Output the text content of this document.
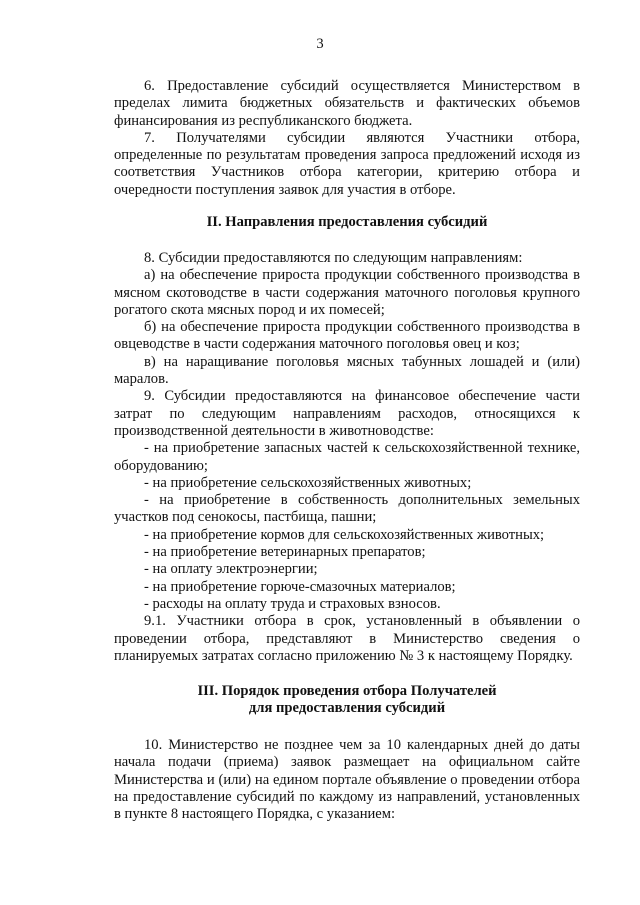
3

6. Предоставление субсидий осуществляется Министерством в пределах лимита бюджетных обязательств и фактических объемов финансирования из республиканского бюджета.

7. Получателями субсидии являются Участники отбора, определенные по результатам проведения запроса предложений исходя из соответствия Участников отбора категории, критерию отбора и очередности поступления заявок для участия в отборе.

II. Направления предоставления субсидий

8. Субсидии предоставляются по следующим направлениям:

а) на обеспечение прироста продукции собственного производства в мясном скотоводстве в части содержания маточного поголовья крупного рогатого скота мясных пород и их помесей;

б) на обеспечение прироста продукции собственного производства в овцеводстве в части содержания маточного поголовья овец и коз;

в) на наращивание поголовья мясных табунных лошадей и (или) маралов.

9. Субсидии предоставляются на финансовое обеспечение части затрат по следующим направлениям расходов, относящихся к производственной деятельности в животноводстве:

- на приобретение запасных частей к сельскохозяйственной технике, оборудованию;

- на приобретение сельскохозяйственных животных;

- на приобретение в собственность дополнительных земельных участков под сенокосы, пастбища, пашни;

- на приобретение кормов для сельскохозяйственных животных;

- на приобретение ветеринарных препаратов;

- на оплату электроэнергии;

- на приобретение горюче-смазочных материалов;

- расходы на оплату труда и страховых взносов.

9.1. Участники отбора в срок, установленный в объявлении о проведении отбора, представляют в Министерство сведения о планируемых затратах согласно приложению № 3 к настоящему Порядку.

III. Порядок проведения отбора Получателей

для предоставления субсидий

10. Министерство не позднее чем за 10 календарных дней до даты начала подачи (приема) заявок размещает на официальном сайте Министерства и (или) на едином портале объявление о проведении отбора на предоставление субсидий по каждому из направлений, установленных в пункте 8 настоящего Порядка, с указанием:
